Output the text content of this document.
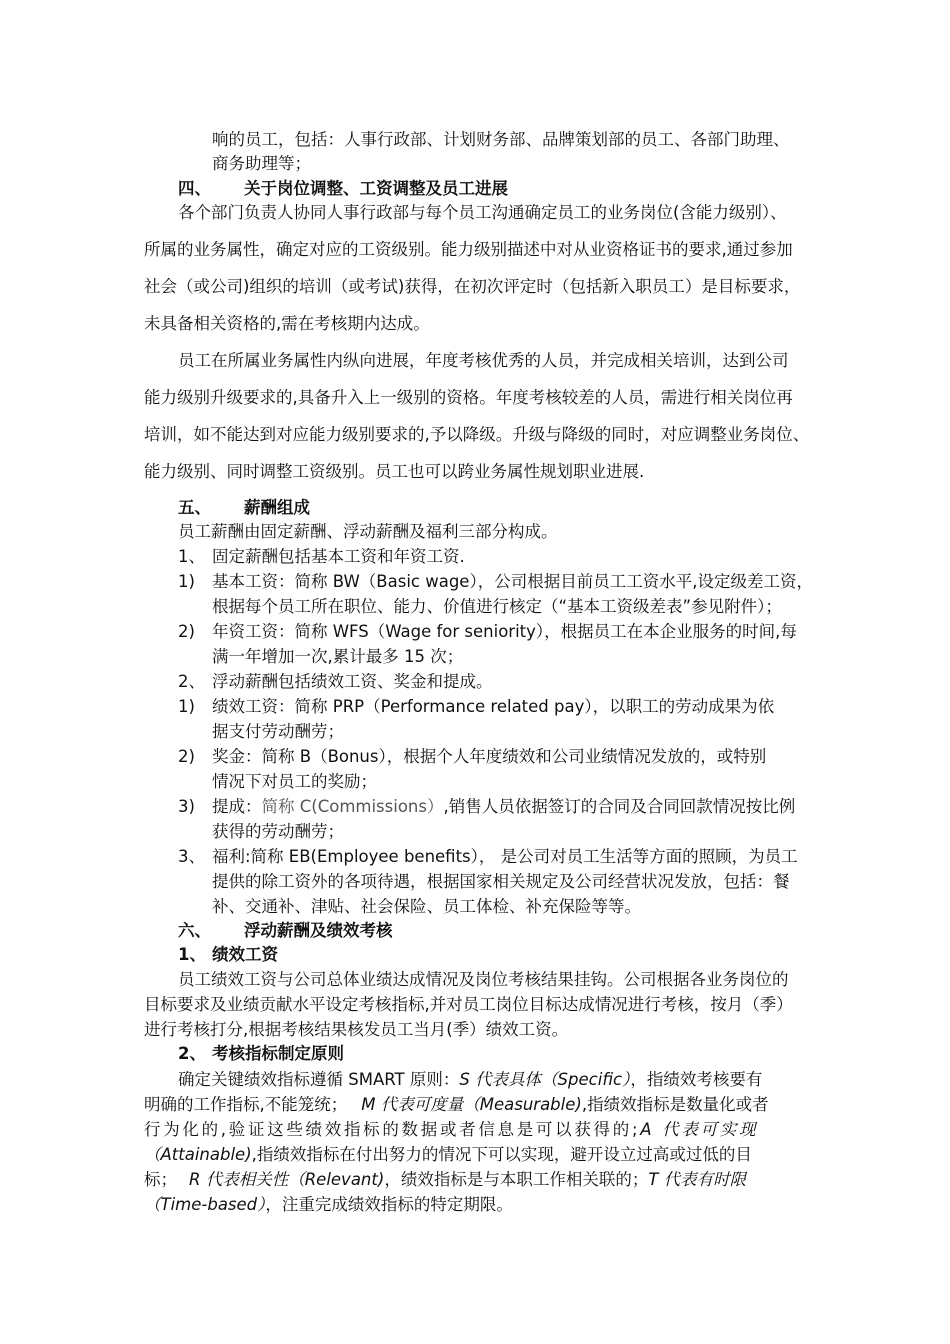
响的员工，包括：人事行政部、计划财务部、品牌策划部的员工、各部门助理、
商务助理等；
四、 关于岗位调整、工资调整及员工进展
各个部门负责人协同人事行政部与每个员工沟通确定员工的业务岗位(含能力级别）、
所属的业务属性，确定对应的工资级别。能力级别描述中对从业资格证书的要求,通过参加
社会（或公司)组织的培训（或考试)获得，在初次评定时（包括新入职员工）是目标要求，
未具备相关资格的,需在考核期内达成。
员工在所属业务属性内纵向进展，年度考核优秀的人员，并完成相关培训，达到公司
能力级别升级要求的,具备升入上一级别的资格。年度考核较差的人员，需进行相关岗位再
培训，如不能达到对应能力级别要求的,予以降级。升级与降级的同时，对应调整业务岗位、
能力级别、同时调整工资级别。员工也可以跨业务属性规划职业进展.
五、 薪酬组成
员工薪酬由固定薪酬、浮动薪酬及福利三部分构成。
1、 固定薪酬包括基本工资和年资工资.
1) 基本工资：简称 BW（Basic wage），公司根据目前员工工资水平,设定级差工资，
根据每个员工所在职位、能力、价值进行核定（“基本工资级差表”参见附件）；
2) 年资工资：简称 WFS（Wage for seniority），根据员工在本企业服务的时间,每
满一年增加一次,累计最多 15 次；
2、 浮动薪酬包括绩效工资、奖金和提成。
1) 绩效工资：简称 PRP（Performance related pay），以职工的劳动成果为依
据支付劳动酬劳；
2) 奖金：简称 B（Bonus），根据个人年度绩效和公司业绩情况发放的，或特别
情况下对员工的奖励；
3) 提成：简称 C(Commissions）,销售人员依据签订的合同及合同回款情况按比例
获得的劳动酬劳；
3、 福利:简称 EB(Employee benefits）， 是公司对员工生活等方面的照顾，为员工
提供的除工资外的各项待遇，根据国家相关规定及公司经营状况发放，包括：餐
补、交通补、津贴、社会保险、员工体检、补充保险等等。
六、 浮动薪酬及绩效考核
1、 绩效工资
员工绩效工资与公司总体业绩达成情况及岗位考核结果挂钩。公司根据各业务岗位的
目标要求及业绩贡献水平设定考核指标,并对员工岗位目标达成情况进行考核，按月（季）
进行考核打分,根据考核结果核发员工当月(季）绩效工资。
2、 考核指标制定原则
确定关键绩效指标遵循 SMART 原则：S 代表具体（Specific），指绩效考核要有
明确的工作指标,不能笼统； M 代表可度量（Measurable),指绩效指标是数量化或者
行为化的,验证这些绩效指标的数据或者信息是可以获得的;A 代表可实现
（Attainable),指绩效指标在付出努力的情况下可以实现，避开设立过高或过低的目
标； R 代表相关性（Relevant)，绩效指标是与本职工作相关联的；T 代表有时限
（Time-based），注重完成绩效指标的特定期限。
